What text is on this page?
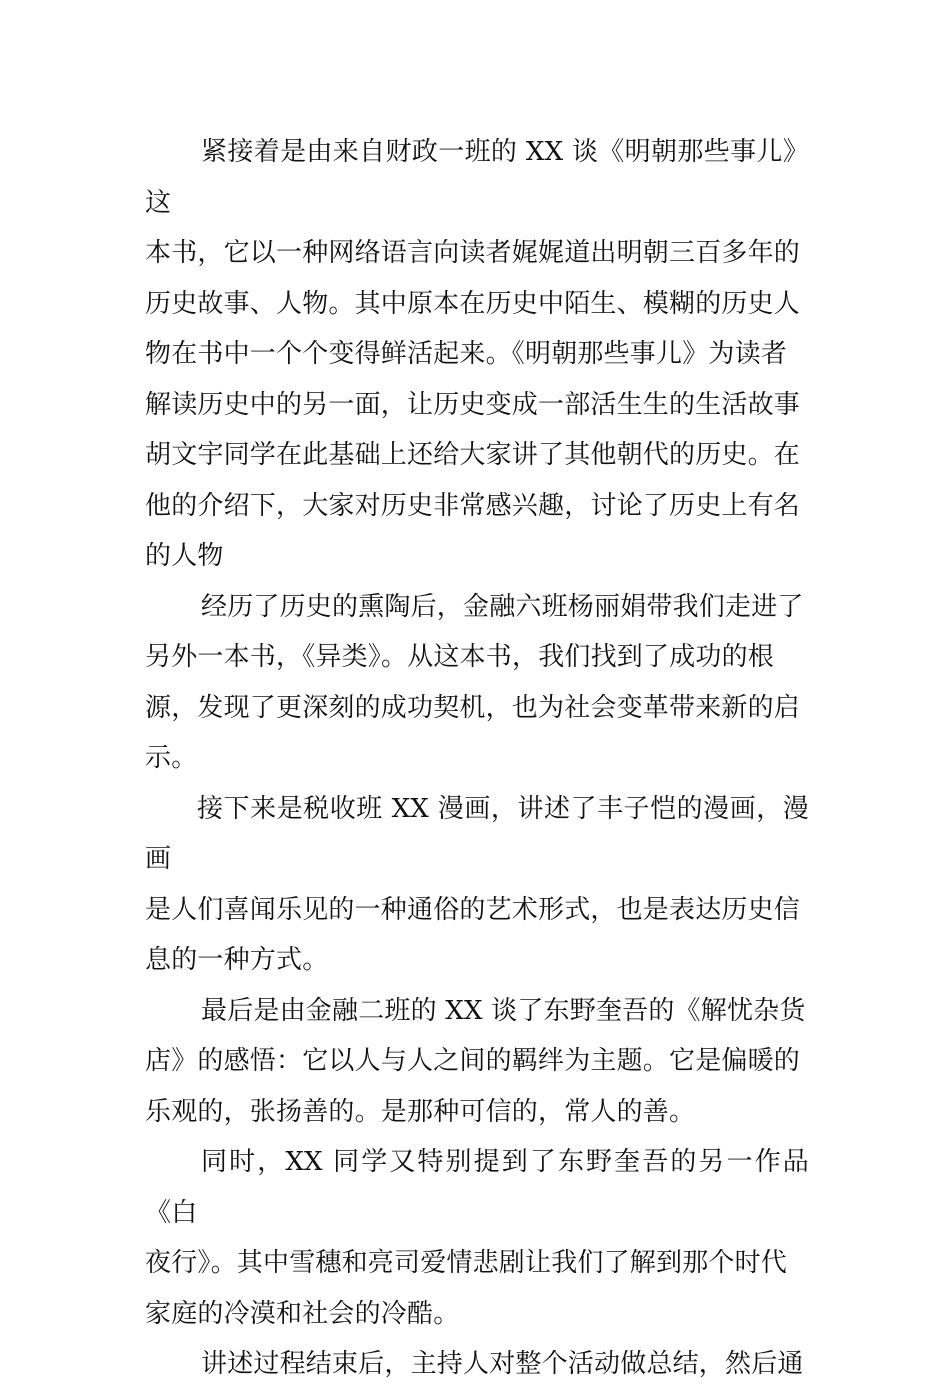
紧接着是由来自财政一班的 XX 谈《明朝那些事儿》这
本书，它以一种网络语言向读者娓娓道出明朝三百多年的
历史故事、人物。其中原本在历史中陌生、模糊的历史人
物在书中一个个变得鲜活起来。《明朝那些事儿》为读者
解读历史中的另一面，让历史变成一部活生生的生活故事
胡文宇同学在此基础上还给大家讲了其他朝代的历史。在
他的介绍下，大家对历史非常感兴趣，讨论了历史上有名
的人物

经历了历史的熏陶后，金融六班杨丽娟带我们走进了
另外一本书，《异类》。从这本书，我们找到了成功的根
源，发现了更深刻的成功契机，也为社会变革带来新的启
示。

接下来是税收班 XX 漫画，讲述了丰子恺的漫画，漫画
是人们喜闻乐见的一种通俗的艺术形式，也是表达历史信
息的一种方式。

最后是由金融二班的 XX 谈了东野奎吾的《解忧杂货
店》的感悟：它以人与人之间的羁绊为主题。它是偏暖的
乐观的，张扬善的。是那种可信的，常人的善。

同时，XX 同学又特别提到了东野奎吾的另一作品《白
夜行》。其中雪穗和亮司爱情悲剧让我们了解到那个时代
家庭的冷漠和社会的冷酷。

讲述过程结束后，主持人对整个活动做总结，然后通
